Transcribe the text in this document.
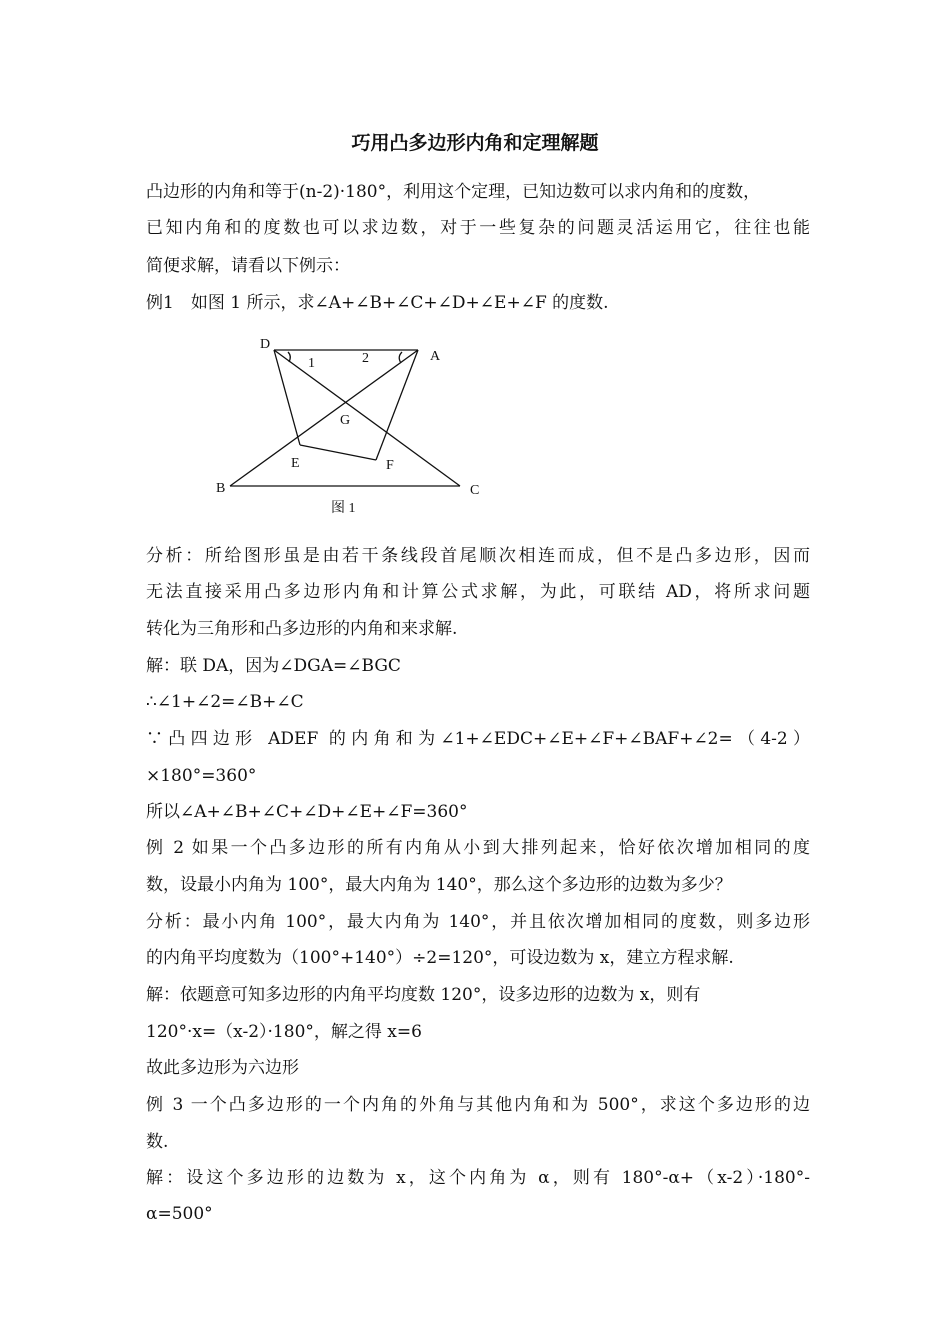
巧用凸多边形内角和定理解题
凸边形的内角和等于(n-2)·180°，利用这个定理，已知边数可以求内角和的度数，
已知内角和的度数也可以求边数，对于一些复杂的问题灵活运用它，往往也能
简便求解，请看以下例示：
例1　如图 1 所示，求∠A+∠B+∠C+∠D+∠E+∠F 的度数.
D
A
B	C
E	F
G
1	2
图 1
分析：所给图形虽是由若干条线段首尾顺次相连而成，但不是凸多边形，因而
无法直接采用凸多边形内角和计算公式求解，为此，可联结 AD，将所求问题
转化为三角形和凸多边形的内角和来求解.
解：联 DA，因为∠DGA=∠BGC
∴∠1+∠2=∠B+∠C
∵凸四边形 ADEF 的内角和为∠1+∠EDC+∠E+∠F+∠BAF+∠2=（4-2）
×180°=360°
所以∠A+∠B+∠C+∠D+∠E+∠F=360°
例 2 如果一个凸多边形的所有内角从小到大排列起来，恰好依次增加相同的度
数，设最小内角为 100°，最大内角为 140°，那么这个多边形的边数为多少？
分析：最小内角 100°，最大内角为 140°，并且依次增加相同的度数，则多边形
的内角平均度数为（100°+140°）÷2=120°，可设边数为 x，建立方程求解.
解：依题意可知多边形的内角平均度数 120°，设多边形的边数为 x，则有
120°·x=（x-2）·180°，解之得 x=6
故此多边形为六边形
例 3 一个凸多边形的一个内角的外角与其他内角和为 500°，求这个多边形的边
数.
解：设这个多边形的边数为 x，这个内角为 α，则有 180°-α+（x-2）·180°-
α=500°
